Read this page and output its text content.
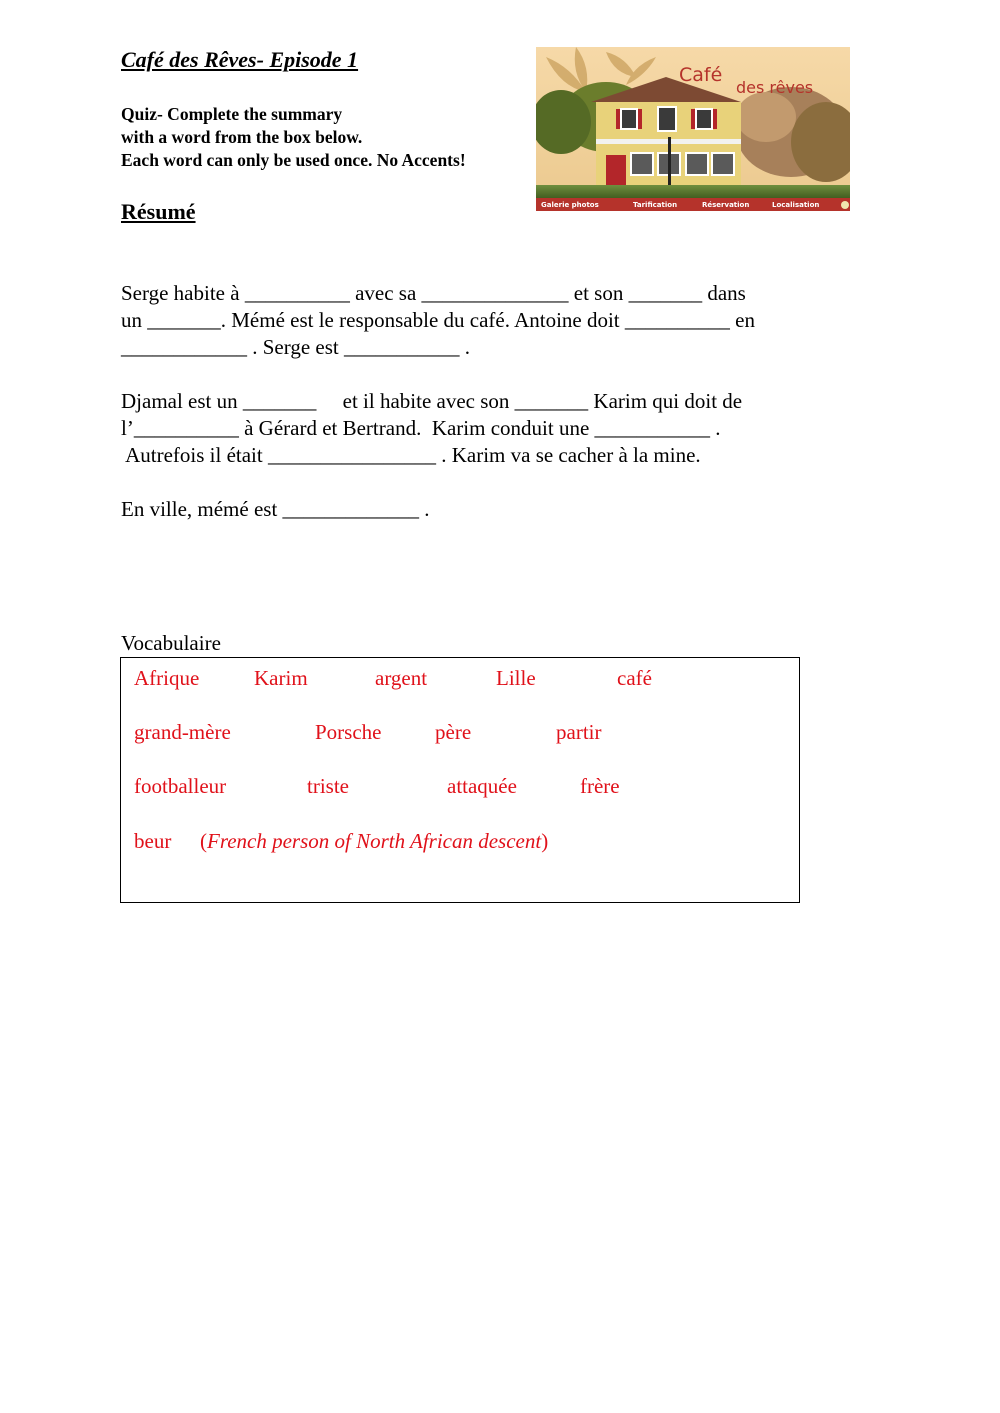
Café des Rêves- Episode 1
Quiz- Complete the summary
with a word from the box below.
Each word can only be used once. No Accents!
Résumé	Galerie photos	Tarification	Réservation	Localisation
Café
des rêves
Serge habite à __________ avec sa ______________ et son _______ dans
un _______. Mémé est le responsable du café. Antoine doit __________ en
____________ . Serge est ___________ .
Djamal est un _______     et il habite avec son _______ Karim qui doit de
l’__________ à Gérard et Bertrand.  Karim conduit une ___________ .
Autrefois il était ________________ . Karim va se cacher à la mine.
En ville, mémé est _____________ .
Vocabulaire
Afrique	Karim	argent	Lille	café
grand-mère	Porsche	père	partir
footballeur	triste	attaquée	frère
beur (French person of North African descent)
